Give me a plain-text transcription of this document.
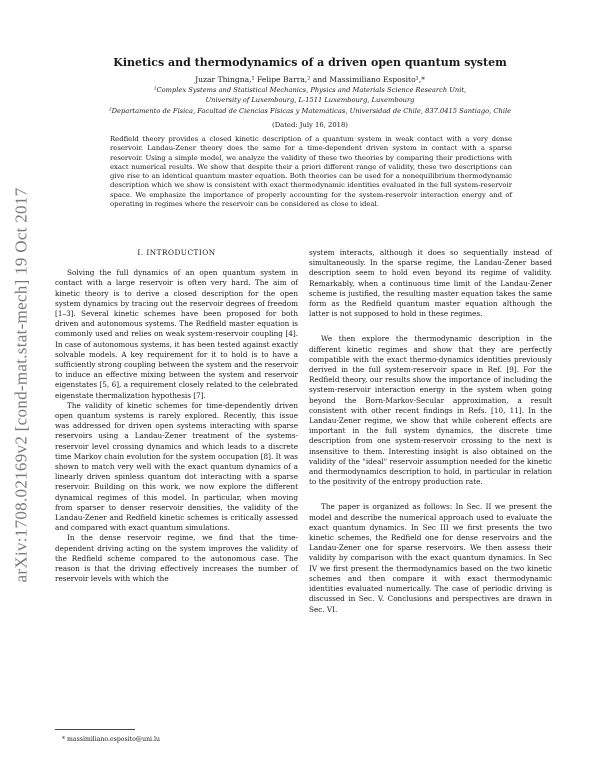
arXiv:1708.02169v2 [cond-mat.stat-mech] 19 Oct 2017
Kinetics and thermodynamics of a driven open quantum system
Juzar Thingna,¹ Felipe Barra,² and Massimiliano Esposito¹,*
¹Complex Systems and Statistical Mechanics, Physics and Materials Science Research Unit,
University of Luxembourg, L-1511 Luxembourg, Luxembourg
²Departamento de Física, Facultad de Ciencias Físicas y Matemáticas, Universidad de Chile, 837.0415 Santiago, Chile
(Dated: July 16, 2018)

Redfield theory provides a closed kinetic description of a quantum system in weak contact with a very dense reservoir. Landau-Zener theory does the same for a time-dependent driven system in contact with a sparse reservoir. Using a simple model, we analyze the validity of these two theories by comparing their predictions with exact numerical results. We show that despite their a priori different range of validity, these two descriptions can give rise to an identical quantum master equation. Both theories can be used for a nonequilibrium thermodynamic description which we show is consistent with exact thermodynamic identities evaluated in the full system-reservoir space. We emphasize the importance of properly accounting for the system-reservoir interaction energy and of operating in regimes where the reservoir can be considered as close to ideal.

I. INTRODUCTION

Solving the full dynamics of an open quantum system in contact with a large reservoir is often very hard. The aim of kinetic theory is to derive a closed description for the open system dynamics by tracing out the reservoir degrees of freedom [1–3]. Several kinetic schemes have been proposed for both driven and autonomous systems. The Redfield master equation is commonly used and relies on weak system-reservoir coupling [4]. In case of autonomous systems, it has been tested against exactly solvable models. A key requirement for it to hold is to have a sufficiently strong coupling between the system and the reservoir to induce an effective mixing between the system and reservoir eigenstates [5, 6], a requirement closely related to the celebrated eigenstate thermalization hypothesis [7].

The validity of kinetic schemes for time-dependently driven open quantum systems is rarely explored. Recently, this issue was addressed for driven open systems interacting with sparse reservoirs using a Landau-Zener treatment of the systems-reservoir level crossing dynamics and which leads to a discrete time Markov chain evolution for the system occupation [8]. It was shown to match very well with the exact quantum dynamics of a linearly driven spinless quantum dot interacting with a sparse reservoir. Building on this work, we now explore the different dynamical regimes of this model. In particular, when moving from sparser to denser reservoir densities, the validity of the Landau-Zener and Redfield kinetic schemes is critically assessed and compared with exact quantum simulations.

In the dense reservoir regime, we find that the time-dependent driving acting on the system improves the validity of the Redfield scheme compared to the autonomous case. The reason is that the driving effectively increases the number of reservoir levels with which the

system interacts, although it does so sequentially instead of simultaneously. In the sparse regime, the Landau-Zener based description seem to hold even beyond its regime of validity. Remarkably, when a continuous time limit of the Landau-Zener scheme is justified, the resulting master equation takes the same form as the Redfield quantum master equation although the latter is not supposed to hold in these regimes.

We then explore the thermodynamic description in the different kinetic regimes and show that they are perfectly compatible with the exact thermo-dynamics identities previously derived in the full system-reservoir space in Ref. [9]. For the Redfield theory, our results show the importance of including the system-reservoir interaction energy in the system when going beyond the Born-Markov-Secular approximation, a result consistent with other recent findings in Refs. [10, 11]. In the Landau-Zener regime, we show that while coherent effects are important in the full system dynamics, the discrete time description from one system-reservoir crossing to the next is insensitive to them. Interesting insight is also obtained on the validity of the "ideal" reservoir assumption needed for the kinetic and thermodynamics description to hold, in particular in relation to the positivity of the entropy production rate.

The paper is organized as follows: In Sec. II we present the model and describe the numerical approach used to evaluate the exact quantum dynamics. In Sec III we first presents the two kinetic schemes, the Redfield one for dense reservoirs and the Landau-Zener one for sparse reservoirs. We then assess their validity by comparison with the exact quantum dynamics. In Sec IV we first present the thermodynamics based on the two kinetic schemes and then compare it with exact thermodynamic identities evaluated numerically. The case of periodic driving is discussed in Sec. V. Conclusions and perspectives are drawn in Sec. VI.

* massimiliano.esposito@uni.lu
